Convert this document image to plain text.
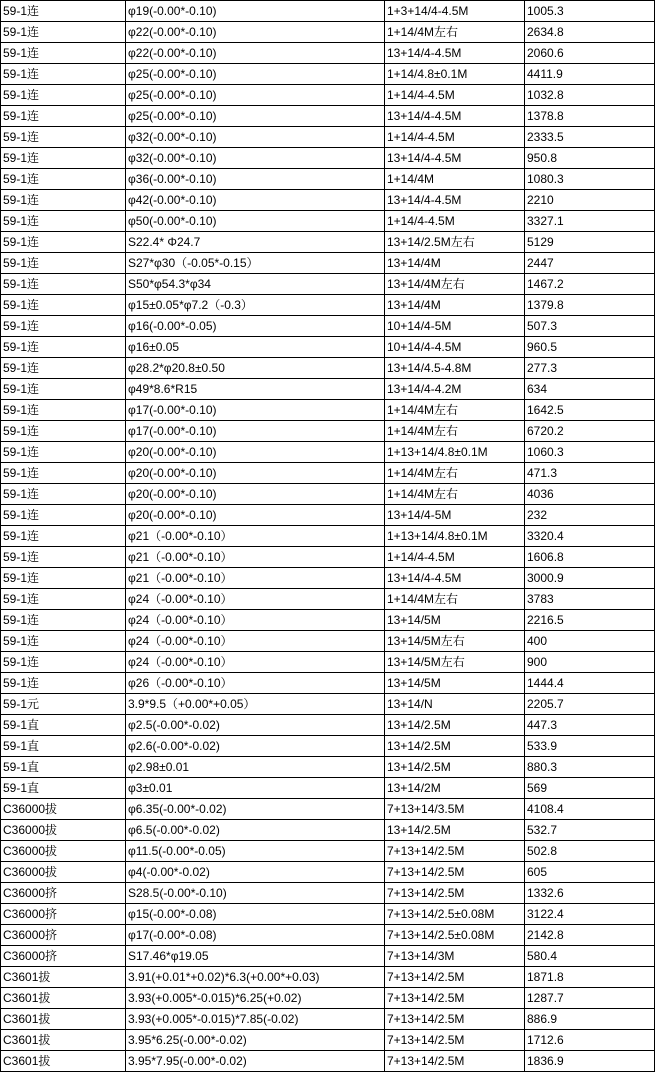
59-1连	φ19(-0.00*-0.10)	1+3+14/4-4.5M	1005.3
59-1连	φ22(-0.00*-0.10)	1+14/4M左右	2634.8
59-1连	φ22(-0.00*-0.10)	13+14/4-4.5M	2060.6
59-1连	φ25(-0.00*-0.10)	1+14/4.8±0.1M	4411.9
59-1连	φ25(-0.00*-0.10)	1+14/4-4.5M	1032.8
59-1连	φ25(-0.00*-0.10)	13+14/4-4.5M	1378.8
59-1连	φ32(-0.00*-0.10)	1+14/4-4.5M	2333.5
59-1连	φ32(-0.00*-0.10)	13+14/4-4.5M	950.8
59-1连	φ36(-0.00*-0.10)	1+14/4M	1080.3
59-1连	φ42(-0.00*-0.10)	13+14/4-4.5M	2210
59-1连	φ50(-0.00*-0.10)	1+14/4-4.5M	3327.1
59-1连	S22.4* Φ24.7	13+14/2.5M左右	5129
59-1连	S27*φ30（-0.05*-0.15）	13+14/4M	2447
59-1连	S50*φ54.3*φ34	13+14/4M左右	1467.2
59-1连	φ15±0.05*φ7.2（-0.3）	13+14/4M	1379.8
59-1连	φ16(-0.00*-0.05)	10+14/4-5M	507.3
59-1连	φ16±0.05	10+14/4-4.5M	960.5
59-1连	φ28.2*φ20.8±0.50	13+14/4.5-4.8M	277.3
59-1连	φ49*8.6*R15	13+14/4-4.2M	634
59-1连	φ17(-0.00*-0.10)	1+14/4M左右	1642.5
59-1连	φ17(-0.00*-0.10)	1+14/4M左右	6720.2
59-1连	φ20(-0.00*-0.10)	1+13+14/4.8±0.1M	1060.3
59-1连	φ20(-0.00*-0.10)	1+14/4M左右	471.3
59-1连	φ20(-0.00*-0.10)	1+14/4M左右	4036
59-1连	φ20(-0.00*-0.10)	13+14/4-5M	232
59-1连	φ21（-0.00*-0.10）	1+13+14/4.8±0.1M	3320.4
59-1连	φ21（-0.00*-0.10）	1+14/4-4.5M	1606.8
59-1连	φ21（-0.00*-0.10）	13+14/4-4.5M	3000.9
59-1连	φ24（-0.00*-0.10）	1+14/4M左右	3783
59-1连	φ24（-0.00*-0.10）	13+14/5M	2216.5
59-1连	φ24（-0.00*-0.10）	13+14/5M左右	400
59-1连	φ24（-0.00*-0.10）	13+14/5M左右	900
59-1连	φ26（-0.00*-0.10）	13+14/5M	1444.4
59-1元	3.9*9.5（+0.00*+0.05）	13+14/N	2205.7
59-1直	φ2.5(-0.00*-0.02)	13+14/2.5M	447.3
59-1直	φ2.6(-0.00*-0.02)	13+14/2.5M	533.9
59-1直	φ2.98±0.01	13+14/2.5M	880.3
59-1直	φ3±0.01	13+14/2M	569
C36000拔	φ6.35(-0.00*-0.02)	7+13+14/3.5M	4108.4
C36000拔	φ6.5(-0.00*-0.02)	13+14/2.5M	532.7
C36000拔	φ11.5(-0.00*-0.05)	7+13+14/2.5M	502.8
C36000拔	φ4(-0.00*-0.02)	7+13+14/2.5M	605
C36000挤	S28.5(-0.00*-0.10)	7+13+14/2.5M	1332.6
C36000挤	φ15(-0.00*-0.08)	7+13+14/2.5±0.08M	3122.4
C36000挤	φ17(-0.00*-0.08)	7+13+14/2.5±0.08M	2142.8
C36000挤	S17.46*φ19.05	7+13+14/3M	580.4
C3601拔	3.91(+0.01*+0.02)*6.3(+0.00*+0.03)	7+13+14/2.5M	1871.8
C3601拔	3.93(+0.005*-0.015)*6.25(+0.02)	7+13+14/2.5M	1287.7
C3601拔	3.93(+0.005*-0.015)*7.85(-0.02)	7+13+14/2.5M	886.9
C3601拔	3.95*6.25(-0.00*-0.02)	7+13+14/2.5M	1712.6
C3601拔	3.95*7.95(-0.00*-0.02)	7+13+14/2.5M	1836.9
